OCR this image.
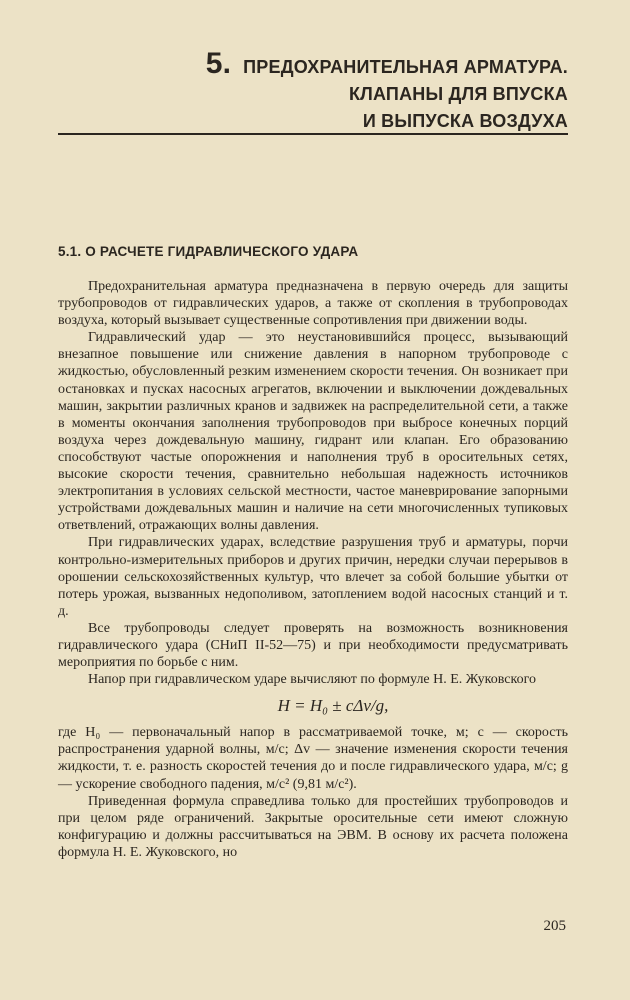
5. ПРЕДОХРАНИТЕЛЬНАЯ АРМАТУРА.
КЛАПАНЫ ДЛЯ ВПУСКА
И ВЫПУСКА ВОЗДУХА
5.1. О РАСЧЕТЕ ГИДРАВЛИЧЕСКОГО УДАРА

Предохранительная арматура предназначена в первую очередь для защиты трубопроводов от гидравлических ударов, а также от скопления в трубопроводах воздуха, который вызывает существенные сопротивления при движении воды.

Гидравлический удар — это неустановившийся процесс, вызывающий внезапное повышение или снижение давления в напорном трубопроводе с жидкостью, обусловленный резким изменением скорости течения. Он возникает при остановках и пусках насосных агрегатов, включении и выключении дождевальных машин, закрытии различных кранов и задвижек на распределительной сети, а также в моменты окончания заполнения трубопроводов при выбросе конечных порций воздуха через дождевальную машину, гидрант или клапан. Его образованию способствуют частые опорожнения и наполнения труб в оросительных сетях, высокие скорости течения, сравнительно небольшая надежность источников электропитания в условиях сельской местности, частое маневрирование запорными устройствами дождевальных машин и наличие на сети многочисленных тупиковых ответвлений, отражающих волны давления.

При гидравлических ударах, вследствие разрушения труб и арматуры, порчи контрольно-измерительных приборов и других причин, нередки случаи перерывов в орошении сельскохозяйственных культур, что влечет за собой большие убытки от потерь урожая, вызванных недополивом, затоплением водой насосных станций и т. д.

Все трубопроводы следует проверять на возможность возникновения гидравлического удара (СНиП II-52—75) и при необходимости предусматривать мероприятия по борьбе с ним.

Напор при гидравлическом ударе вычисляют по формуле Н. Е. Жуковского

H = H₀ ± cΔv/g,

где H₀ — первоначальный напор в рассматриваемой точке, м; c — скорость распространения ударной волны, м/с; Δv — значение изменения скорости течения жидкости, т. е. разность скоростей течения до и после гидравлического удара, м/с; g — ускорение свободного падения, м/с² (9,81 м/с²).

Приведенная формула справедлива только для простейших трубопроводов и при целом ряде ограничений. Закрытые оросительные сети имеют сложную конфигурацию и должны рассчитываться на ЭВМ. В основу их расчета положена формула Н. Е. Жуковского, но

205
